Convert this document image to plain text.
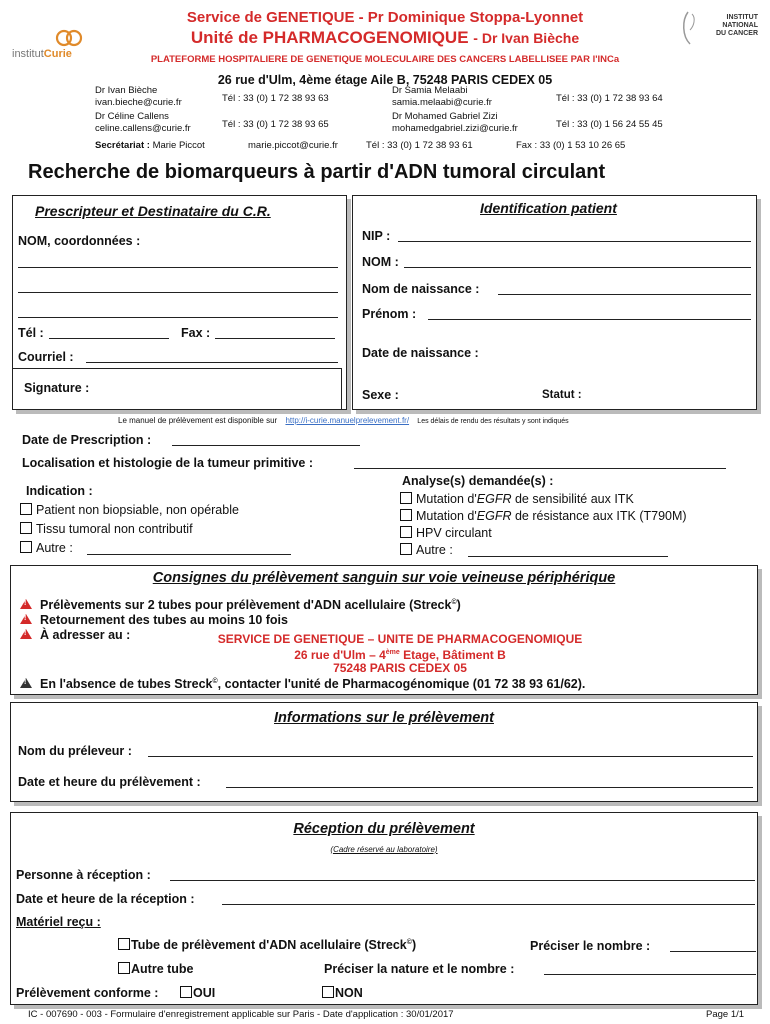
institutCurie
Service de GENETIQUE - Pr Dominique Stoppa-Lyonnet
Unité de PHARMACOGENOMIQUE - Dr Ivan Bièche
PLATEFORME HOSPITALIERE DE GENETIQUE MOLECULAIRE DES CANCERS LABELLISEE PAR l'INCa
INSTITUT
NATIONAL
DU CANCER
26 rue d'Ulm, 4ème étage Aile B, 75248 PARIS CEDEX 05
Dr Ivan Bièche
ivan.bieche@curie.fr	Tél : 33 (0) 1 72 38 93 63
Dr Céline Callens
celine.callens@curie.fr	Tél : 33 (0) 1 72 38 93 65
Dr Samia Melaabi
samia.melaabi@curie.fr	Tél : 33 (0) 1 72 38 93 64
Dr Mohamed Gabriel Zizi
mohamedgabriel.zizi@curie.fr	Tél : 33 (0) 1 56 24 55 45
Secrétariat : Marie Piccot	marie.piccot@curie.fr	Tél : 33 (0) 1 72 38 93 61	Fax : 33 (0) 1 53 10 26 65
Recherche de biomarqueurs à partir d'ADN tumoral circulant
Prescripteur et Destinataire du C.R.
NOM, coordonnées :
Tél :	Fax :
Courriel :
Signature :
Identification patient
NIP :
NOM :
Nom de naissance :
Prénom :
Date de naissance :
Sexe :	Statut :
Le manuel de prélèvement est disponible sur http://i-curie.manuelprelevement.fr/ Les délais de rendu des résultats y sont indiqués
Date de Prescription :
Localisation et histologie de la tumeur primitive :
Indication :
Patient non biopsiable, non opérable
Tissu tumoral non contributif
Autre :
Analyse(s) demandée(s) :
Mutation d'EGFR de sensibilité aux ITK
Mutation d'EGFR de résistance aux ITK (T790M)
HPV circulant
Autre :
Consignes du prélèvement sanguin sur voie veineuse périphérique
!Prélèvements sur 2 tubes pour prélèvement d'ADN acellulaire (Streck©)
!Retournement des tubes au moins 10 fois
!À adresser au :	SERVICE DE GENETIQUE – UNITE DE PHARMACOGENOMIQUE
26 rue d'Ulm – 4ème Etage, Bâtiment B
75248 PARIS CEDEX 05
!En l'absence de tubes Streck©, contacter l'unité de Pharmacogénomique (01 72 38 93 61/62).
Informations sur le prélèvement
Nom du préleveur :
Date et heure du prélèvement :
Réception du prélèvement
(Cadre réservé au laboratoire)
Personne à réception :
Date et heure de la réception :
Matériel reçu :
Tube de prélèvement d'ADN acellulaire (Streck©)	Préciser le nombre :
Autre tube	Préciser la nature et le nombre :
Prélèvement conforme :	OUI	NON
IC - 007690 - 003 - Formulaire d'enregistrement applicable sur Paris - Date d'application : 30/01/2017	Page 1/1
